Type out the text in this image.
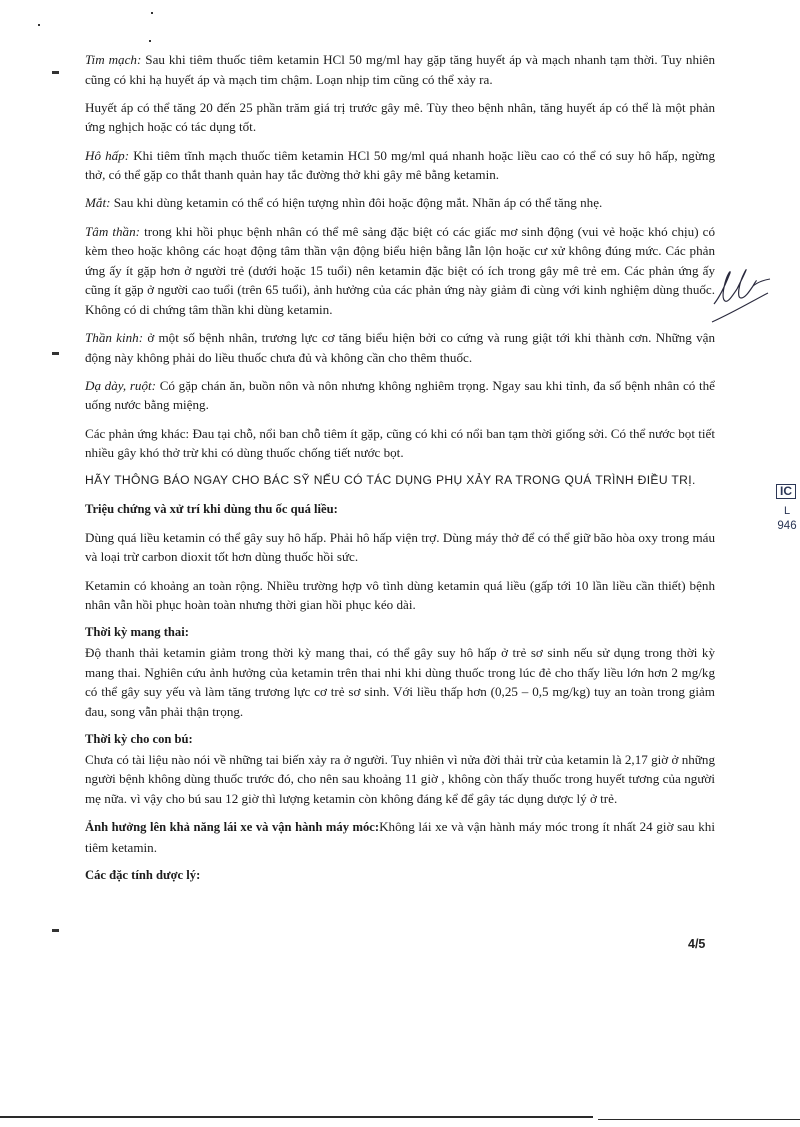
Tim mạch: Sau khi tiêm thuốc tiêm ketamin HCl 50 mg/ml hay gặp tăng huyết áp và mạch nhanh tạm thời. Tuy nhiên cũng có khi hạ huyết áp và mạch tim chậm. Loạn nhịp tim cũng có thể xảy ra.

Huyết áp có thể tăng 20 đến 25 phần trăm giá trị trước gây mê. Tùy theo bệnh nhân, tăng huyết áp có thể là một phản ứng nghịch hoặc có tác dụng tốt.

Hô hấp: Khi tiêm tĩnh mạch thuốc tiêm ketamin HCl 50 mg/ml quá nhanh hoặc liều cao có thể có suy hô hấp, ngừng thở, có thể gặp co thắt thanh quản hay tắc đường thở khi gây mê bằng ketamin.

Mắt: Sau khi dùng ketamin có thể có hiện tượng nhìn đôi hoặc động mắt. Nhãn áp có thể tăng nhẹ.

Tâm thần: trong khi hồi phục bệnh nhân có thể mê sảng đặc biệt có các giấc mơ sinh động (vui vẻ hoặc khó chịu) có kèm theo hoặc không các hoạt động tâm thần vận động biểu hiện bằng lẫn lộn hoặc cư xử không đúng mức. Các phản ứng ấy ít gặp hơn ở người trẻ (dưới hoặc 15 tuổi) nên ketamin đặc biệt có ích trong gây mê trẻ em. Các phản ứng ấy cũng ít gặp ở người cao tuổi (trên 65 tuổi), ảnh hưởng của các phản ứng này giảm đi cùng với kinh nghiệm dùng thuốc. Không có di chứng tâm thần khi dùng ketamin.

Thần kinh: ở một số bệnh nhân, trương lực cơ tăng biểu hiện bởi co cứng và rung giật tới khi thành cơn. Những vận động này không phải do liều thuốc chưa đủ và không cần cho thêm thuốc.

Dạ dày, ruột: Có gặp chán ăn, buồn nôn và nôn nhưng không nghiêm trọng. Ngay sau khi tỉnh, đa số bệnh nhân có thể uống nước bằng miệng.

Các phản ứng khác: Đau tại chỗ, nổi ban chỗ tiêm ít gặp, cũng có khi có nổi ban tạm thời giống sởi. Có thể nước bọt tiết nhiều gây khó thở trừ khi có dùng thuốc chống tiết nước bọt.

HÃY THÔNG BÁO NGAY CHO BÁC SỸ NẾU CÓ TÁC DỤNG PHỤ XẢY RA TRONG QUÁ TRÌNH ĐIỀU TRỊ.

Triệu chứng và xử trí khi dùng thu ốc quá liều:

Dùng quá liều ketamin có thể gây suy hô hấp. Phải hô hấp viện trợ. Dùng máy thở để có thể giữ bão hòa oxy trong máu và loại trừ carbon dioxit tốt hơn dùng thuốc hồi sức.

Ketamin có khoảng an toàn rộng. Nhiều trường hợp vô tình dùng ketamin quá liều (gấp tới 10 lần liều cần thiết) bệnh nhân vẫn hồi phục hoàn toàn nhưng thời gian hồi phục kéo dài.

Thời kỳ mang thai:
Độ thanh thải ketamin giảm trong thời kỳ mang thai, có thể gây suy hô hấp ở trẻ sơ sinh nếu sử dụng trong thời kỳ mang thai. Nghiên cứu ảnh hưởng của ketamin trên thai nhi khi dùng thuốc trong lúc đẻ cho thấy liều lớn hơn 2 mg/kg có thể gây suy yếu và làm tăng trương lực cơ trẻ sơ sinh. Với liều thấp hơn (0,25 – 0,5 mg/kg) tuy an toàn trong giảm đau, song vẫn phải thận trọng.

Thời kỳ cho con bú:
Chưa có tài liệu nào nói về những tai biến xảy ra ở người. Tuy nhiên vì nửa đời thải trừ của ketamin là 2,17 giờ ở những người bệnh không dùng thuốc trước đó, cho nên sau khoảng 11 giờ , không còn thấy thuốc trong huyết tương của người mẹ nữa. vì vậy cho bú sau 12 giờ thì lượng ketamin còn không đáng kể để gây tác dụng dược lý ở trẻ.

Ảnh hưởng lên khả năng lái xe và vận hành máy móc:Không lái xe và vận hành máy móc trong ít nhất 24 giờ sau khi tiêm ketamin.

Các đặc tính dược lý:

4/5
IC
L
946
